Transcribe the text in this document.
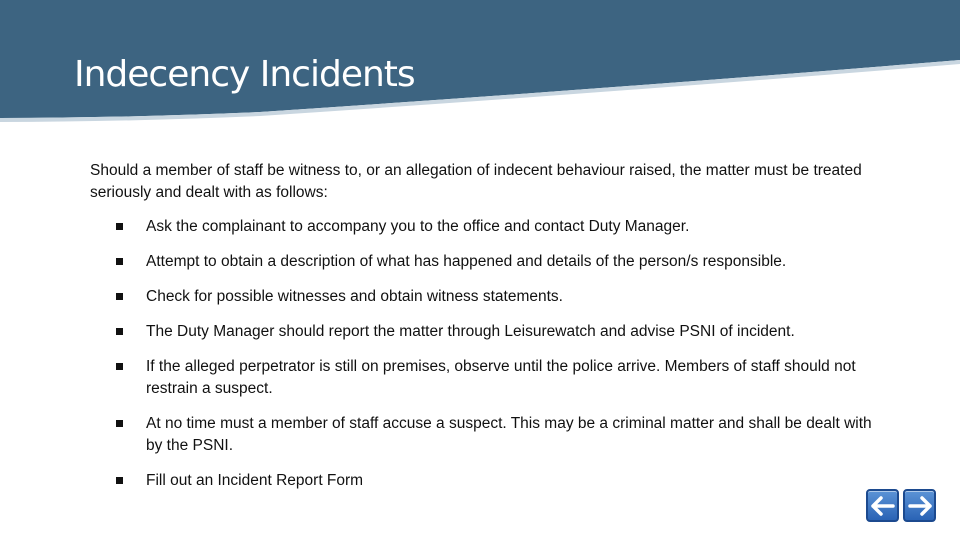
Indecency Incidents

Should a member of staff be witness to, or an allegation of indecent behaviour raised, the matter must be treated seriously and dealt with as follows:

Ask the complainant to accompany you to the office and contact Duty Manager.
Attempt to obtain a description of what has happened and details of the person/s responsible.
Check for possible witnesses and obtain witness statements.
The Duty Manager should report the matter through Leisurewatch and advise PSNI of incident.
If the alleged perpetrator is still on premises, observe until the police arrive. Members of staff should not restrain a suspect.
At no time must a member of staff accuse a suspect. This may be a criminal matter and shall be dealt with by the PSNI.
Fill out an Incident Report Form
